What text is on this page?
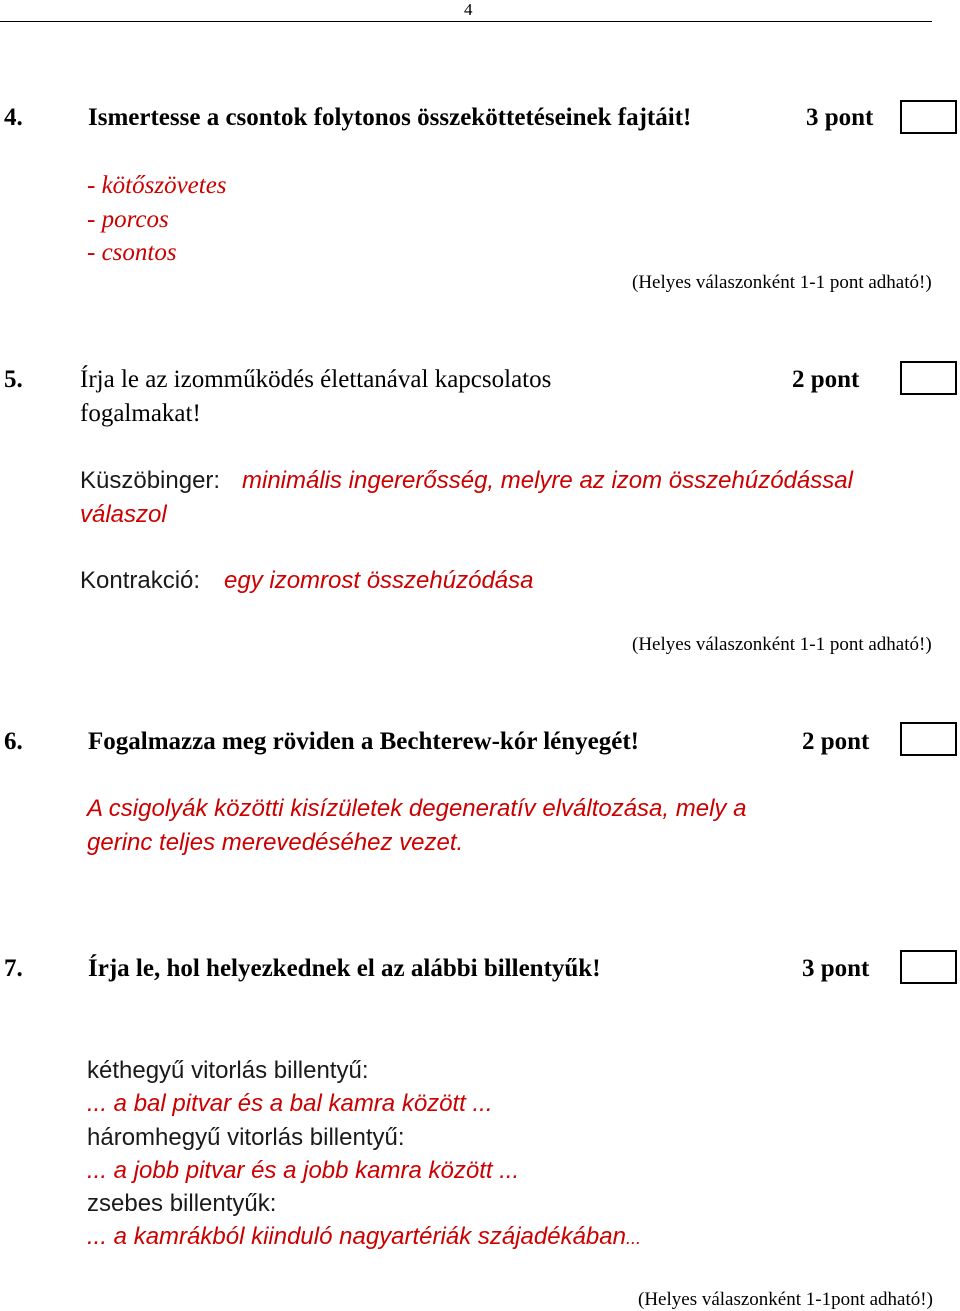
4
4.	Ismertesse a csontok folytonos összeköttetéseinek fajtáit!	3 pont
- kötőszövetes
- porcos
- csontos
(Helyes válaszonként 1-1 pont adható!)
5. Írja le az izomműködés élettanával kapcsolatos
fogalmakat!
2 pont
Küszöbinger: minimális ingererősség, melyre az izom összehúzódással
válaszol
Kontrakció: egy izomrost összehúzódása
(Helyes válaszonként 1-1 pont adható!)
6.	Fogalmazza meg röviden a Bechterew-kór lényegét!	2 pont
A csigolyák közötti kisízületek degeneratív elváltozása, mely a
gerinc teljes merevedéséhez vezet.
7.	Írja le, hol helyezkednek el az alábbi billentyűk!	3 pont
kéthegyű vitorlás billentyű:
... a bal pitvar és a bal kamra között ...
háromhegyű vitorlás billentyű:
... a jobb pitvar és a jobb kamra között ...
zsebes billentyűk:
... a kamrákból kiinduló nagyartériák szájadékában...
(Helyes válaszonként 1-1pont adható!)
